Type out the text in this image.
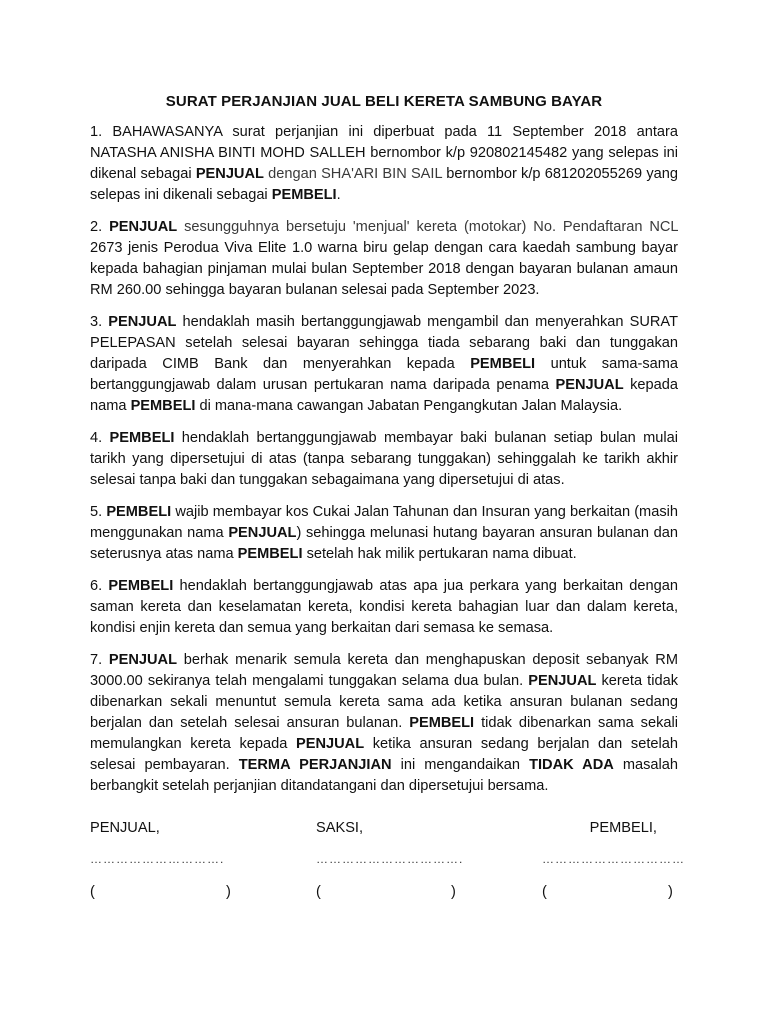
SURAT PERJANJIAN JUAL BELI KERETA SAMBUNG BAYAR

1. BAHAWASANYA surat perjanjian ini diperbuat pada 11 September 2018 antara NATASHA ANISHA BINTI MOHD SALLEH bernombor k/p 920802145482 yang selepas ini dikenal sebagai PENJUAL dengan SHA'ARI BIN SAIL bernombor k/p 681202055269 yang selepas ini dikenali sebagai PEMBELI.

2. PENJUAL sesungguhnya bersetuju 'menjual' kereta (motokar) No. Pendaftaran NCL 2673 jenis Perodua Viva Elite 1.0 warna biru gelap dengan cara kaedah sambung bayar kepada bahagian pinjaman mulai bulan September 2018 dengan bayaran bulanan amaun RM 260.00 sehingga bayaran bulanan selesai pada September 2023.

3. PENJUAL hendaklah masih bertanggungjawab mengambil dan menyerahkan SURAT PELEPASAN setelah selesai bayaran sehingga tiada sebarang baki dan tunggakan daripada CIMB Bank dan menyerahkan kepada PEMBELI untuk sama-sama bertanggungjawab dalam urusan pertukaran nama daripada penama PENJUAL kepada nama PEMBELI di mana-mana cawangan Jabatan Pengangkutan Jalan Malaysia.

4. PEMBELI hendaklah bertanggungjawab membayar baki bulanan setiap bulan mulai tarikh yang dipersetujui di atas (tanpa sebarang tunggakan) sehinggalah ke tarikh akhir selesai tanpa baki dan tunggakan sebagaimana yang dipersetujui di atas.

5. PEMBELI wajib membayar kos Cukai Jalan Tahunan dan Insuran yang berkaitan (masih menggunakan nama PENJUAL) sehingga melunasi hutang bayaran ansuran bulanan dan seterusnya atas nama PEMBELI setelah hak milik pertukaran nama dibuat.

6. PEMBELI hendaklah bertanggungjawab atas apa jua perkara yang berkaitan dengan saman kereta dan keselamatan kereta, kondisi kereta bahagian luar dan dalam kereta, kondisi enjin kereta dan semua yang berkaitan dari semasa ke semasa.

7. PENJUAL berhak menarik semula kereta dan menghapuskan deposit sebanyak RM 3000.00 sekiranya telah mengalami tunggakan selama dua bulan. PENJUAL kereta tidak dibenarkan sekali menuntut semula kereta sama ada ketika ansuran bulanan sedang berjalan dan setelah selesai ansuran bulanan. PEMBELI tidak dibenarkan sama sekali memulangkan kereta kepada PENJUAL ketika ansuran sedang berjalan dan setelah selesai pembayaran. TERMA PERJANJIAN ini mengandaikan TIDAK ADA masalah berbangkit setelah perjanjian ditandatangani dan dipersetujui bersama.

PENJUAL,	SAKSI,	PEMBELI,
………………………….	…………………………….	……………………………
(	)	(	)	(	)
